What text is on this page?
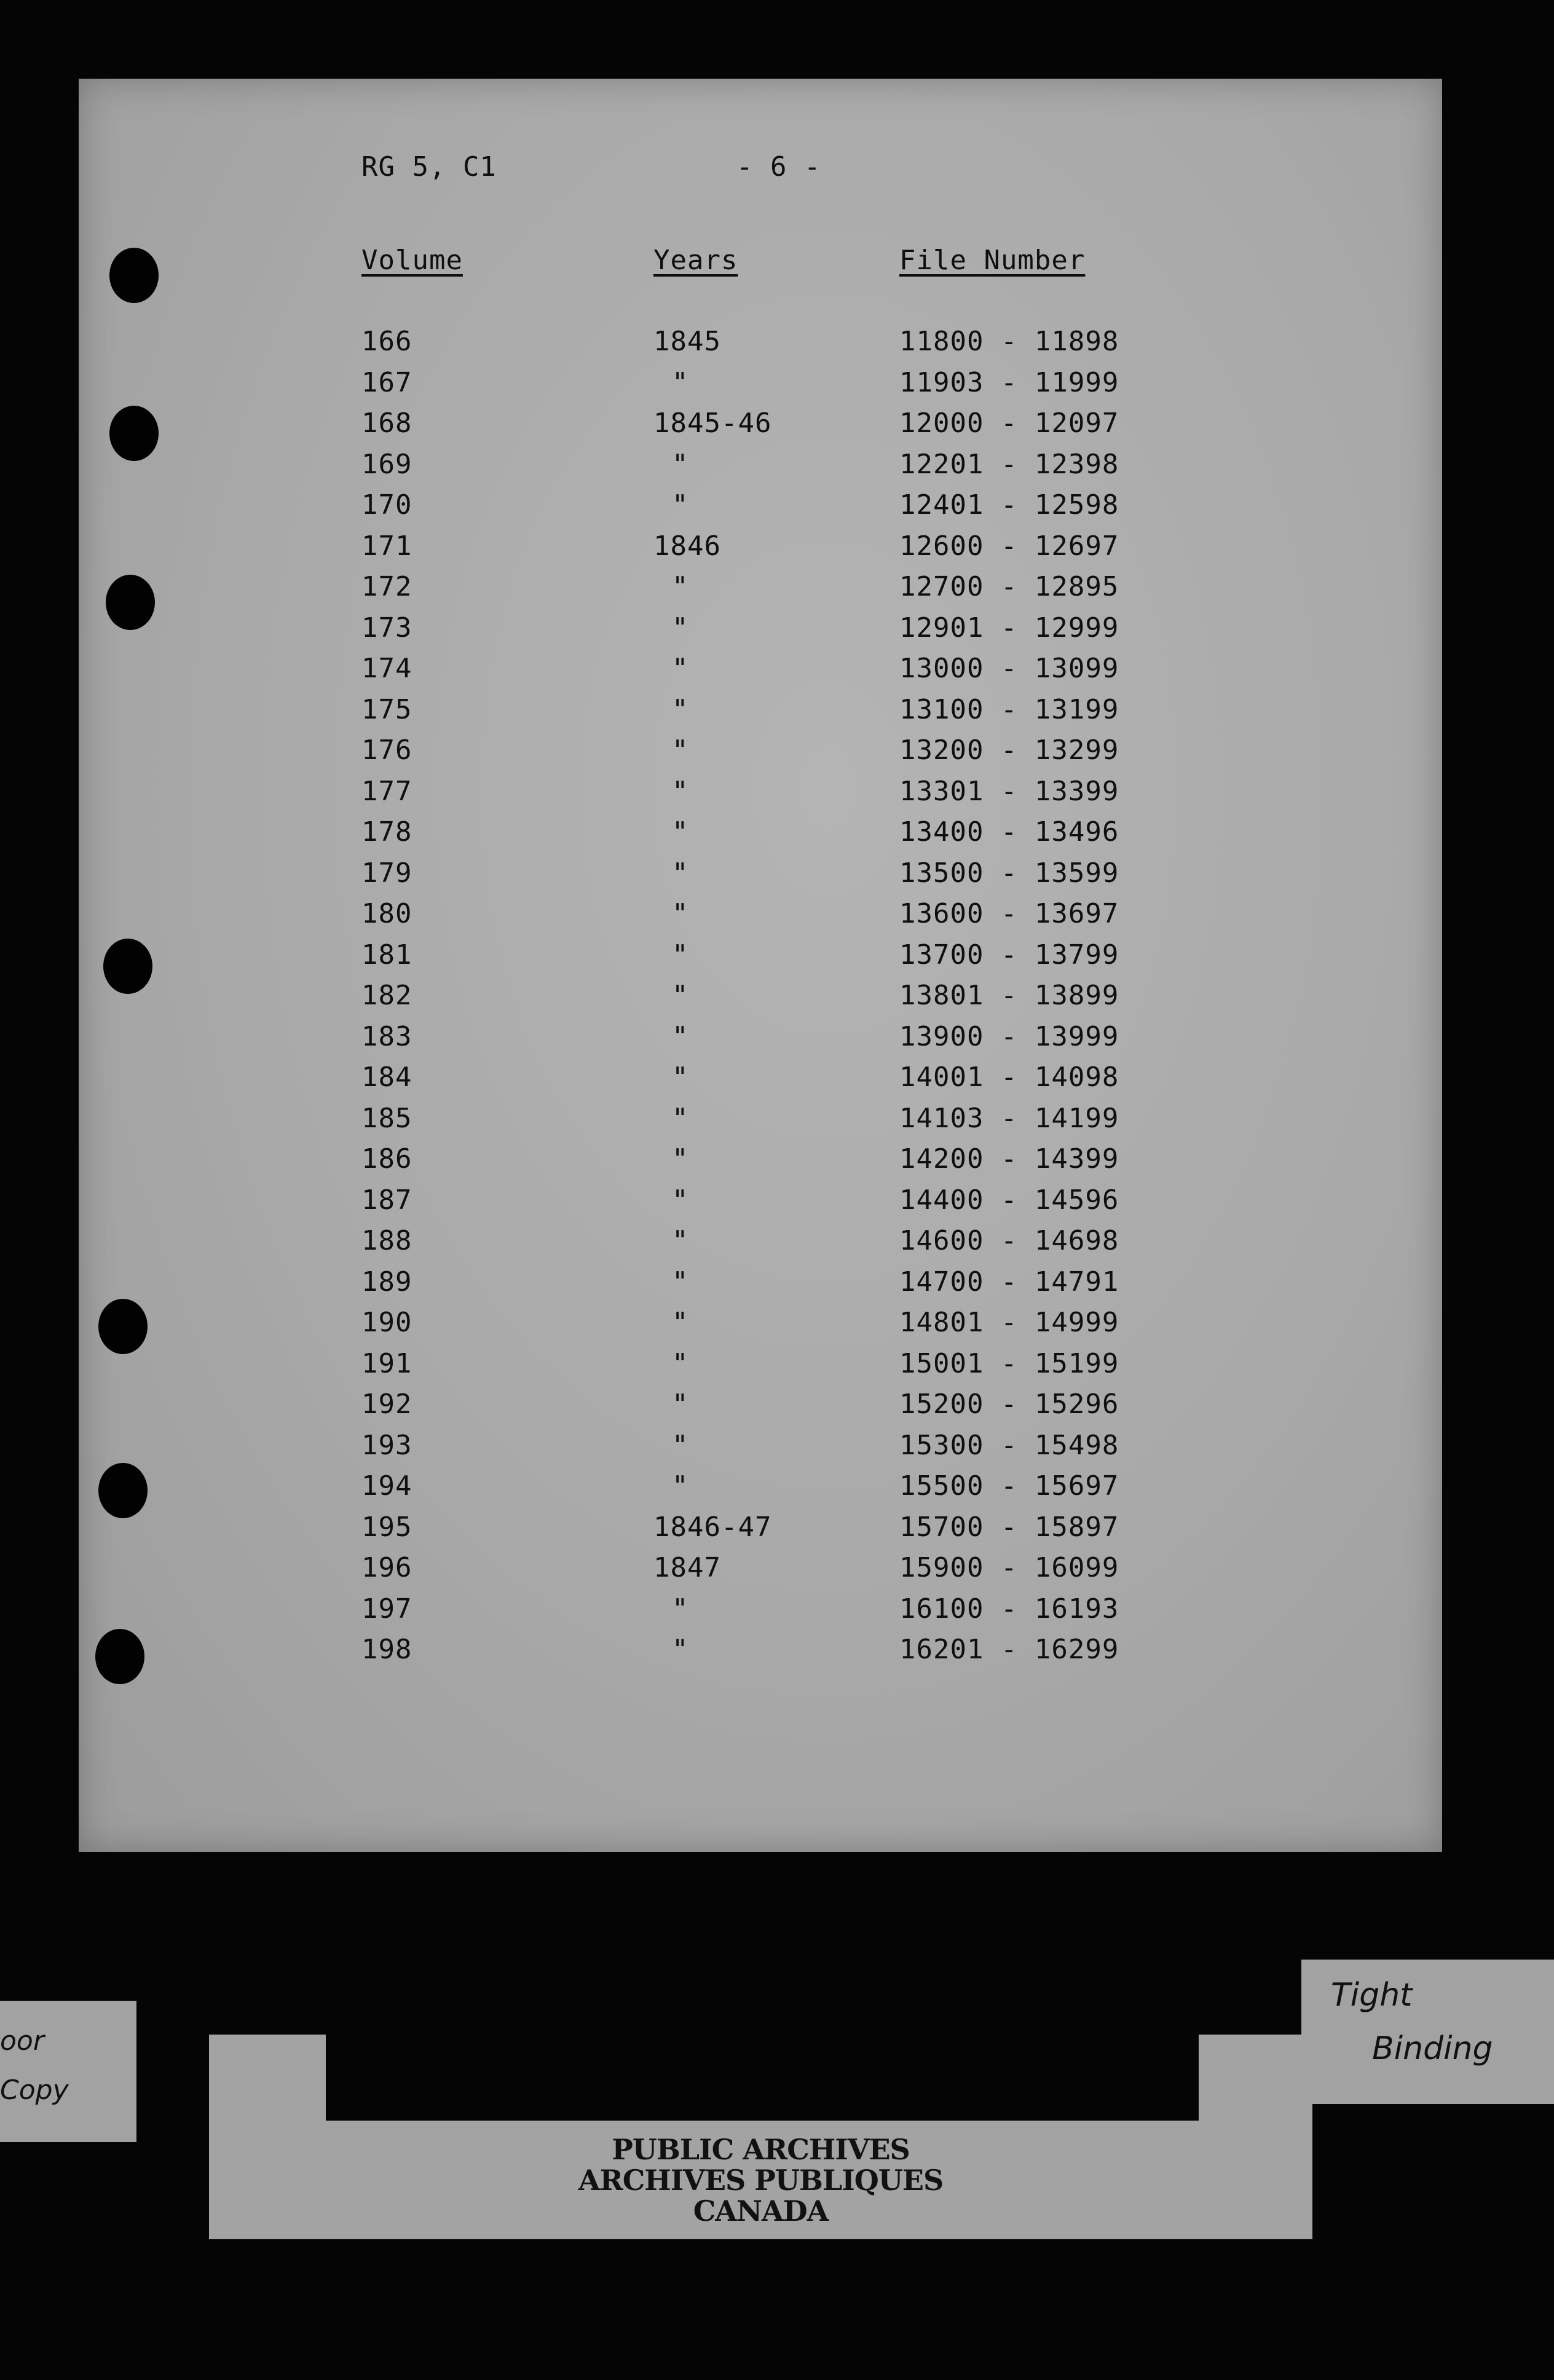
RG 5, C1	- 6 -
Volume	Years	File Number
166	1845	11800 - 11898
167	"	11903 - 11999
168	1845-46	12000 - 12097
169	"	12201 - 12398
170	"	12401 - 12598
171	1846	12600 - 12697
172	"	12700 - 12895
173	"	12901 - 12999
174	"	13000 - 13099
175	"	13100 - 13199
176	"	13200 - 13299
177	"	13301 - 13399
178	"	13400 - 13496
179	"	13500 - 13599
180	"	13600 - 13697
181	"	13700 - 13799
182	"	13801 - 13899
183	"	13900 - 13999
184	"	14001 - 14098
185	"	14103 - 14199
186	"	14200 - 14399
187	"	14400 - 14596
188	"	14600 - 14698
189	"	14700 - 14791
190	"	14801 - 14999
191	"	15001 - 15199
192	"	15200 - 15296
193	"	15300 - 15498
194	"	15500 - 15697
195	1846-47	15700 - 15897
196	1847	15900 - 16099
197	"	16100 - 16193
198	"	16201 - 16299
oor
Copy
Tight
Binding
PUBLIC ARCHIVES
ARCHIVES PUBLIQUES
CANADA
